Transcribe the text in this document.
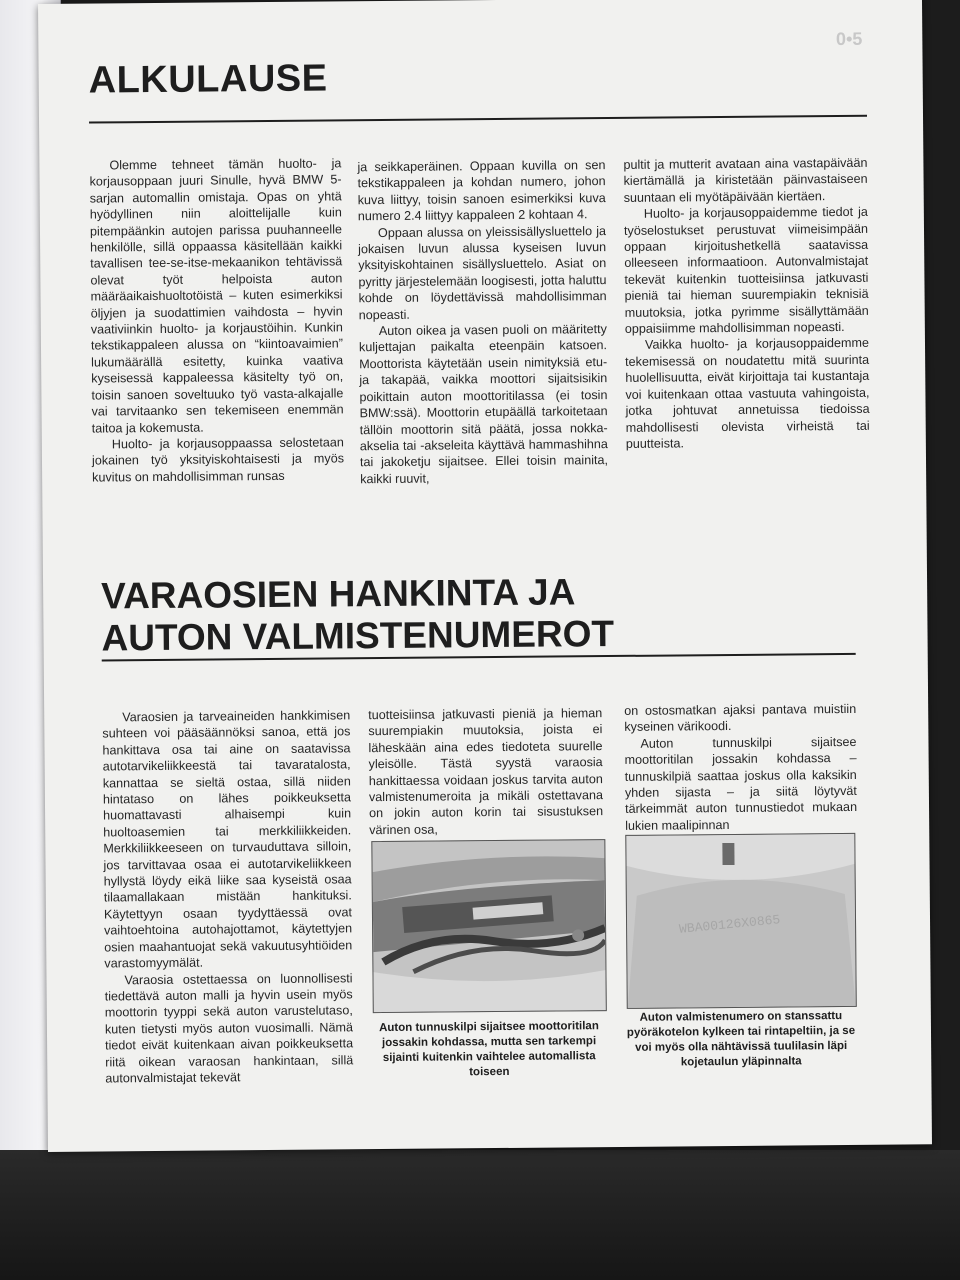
0•5
ALKULAUSE

Olemme tehneet tämän huolto- ja korjausoppaan juuri Sinulle, hyvä BMW 5-sarjan automallin omistaja. Opas on yhtä hyödyllinen niin aloittelijalle kuin pitempäänkin autojen parissa puuhanneelle henkilölle, sillä oppaassa käsitellään kaikki tavallisen tee-se-itse-mekaanikon tehtävissä olevat työt helpoista auton määräaikaishuoltotöistä – kuten esimerkiksi öljyjen ja suodattimien vaihdosta – hyvin vaativiinkin huolto- ja korjaustöihin. Kunkin tekstikappaleen alussa on “kiintoavaimien” lukumäärällä esitetty, kuinka vaativa kyseisessä kappaleessa käsitelty työ on, toisin sanoen soveltuuko työ vasta-alkajalle vai tarvitaanko sen tekemiseen enemmän taitoa ja kokemusta.

Huolto- ja korjausoppaassa selostetaan jokainen työ yksityiskohtaisesti ja myös kuvitus on mahdollisimman runsas

ja seikkaperäinen. Oppaan kuvilla on sen tekstikappaleen ja kohdan numero, johon kuva liittyy, toisin sanoen esimerkiksi kuva numero 2.4 liittyy kappaleen 2 kohtaan 4.

Oppaan alussa on yleissisällysluettelo ja jokaisen luvun alussa kyseisen luvun yksityiskohtainen sisällysluettelo. Asiat on pyritty järjestelemään loogisesti, jotta haluttu kohde on löydettävissä mahdollisimman nopeasti.

Auton oikea ja vasen puoli on määritetty kuljettajan paikalta eteenpäin katsoen. Moottorista käytetään usein nimityksiä etu- ja takapää, vaikka moottori sijaitsisikin poikittain auton moottoritilassa (ei tosin BMW:ssä). Moottorin etupäällä tarkoitetaan tällöin moottorin sitä päätä, jossa nokka-akselia tai -akseleita käyttävä hammashihna tai jakoketju sijaitsee. Ellei toisin mainita, kaikki ruuvit,

pultit ja mutterit avataan aina vastapäivään kiertämällä ja kiristetään päinvastaiseen suuntaan eli myötäpäivään kiertäen.

Huolto- ja korjausoppaidemme tiedot ja työselostukset perustuvat viimeisimpään oppaan kirjoitushetkellä saatavissa olleeseen informaatioon. Autonvalmistajat tekevät kuitenkin tuotteisiinsa jatkuvasti pieniä tai hieman suurempiakin teknisiä muutoksia, jotka pyrimme sisällyttämään oppaisiimme mahdollisimman nopeasti.

Vaikka huolto- ja korjausoppaidemme tekemisessä on noudatettu mitä suurinta huolellisuutta, eivät kirjoittaja tai kustantaja voi kuitenkaan ottaa vastuuta vahingoista, jotka johtuvat annetuissa tiedoissa mahdollisesti olevista virheistä tai puutteista.

VARAOSIEN HANKINTA JA
AUTON VALMISTENUMEROT

Varaosien ja tarveaineiden hankkimisen suhteen voi pääsäännöksi sanoa, että jos hankittava osa tai aine on saatavissa autotarvikeliikkeestä tai tavaratalosta, kannattaa se sieltä ostaa, sillä niiden hintataso on lähes poikkeuksetta huomattavasti alhaisempi kuin huoltoasemien tai merkkiliikkeiden. Merkkiliikkeeseen on turvauduttava silloin, jos tarvittavaa osaa ei autotarvikeliikkeen hyllystä löydy eikä liike saa kyseistä osaa tilaamallakaan mistään hankituksi. Käytettyyn osaan tyydyttäessä ovat vaihtoehtoina autohajottamot, käytettyjen osien maahantuojat sekä vakuutusyhtiöiden varastomyymälät.

Varaosia ostettaessa on luonnollisesti tiedettävä auton malli ja hyvin usein myös moottorin tyyppi sekä auton varustelutaso, kuten tietysti myös auton vuosimalli. Nämä tiedot eivät kuitenkaan aivan poikkeuksetta riitä oikean varaosan hankintaan, sillä autonvalmistajat tekevät

tuotteisiinsa jatkuvasti pieniä ja hieman suurempiakin muutoksia, joista ei läheskään aina edes tiedoteta suurelle yleisölle. Tästä syystä varaosia hankittaessa voidaan joskus tarvita auton valmistenumeroita ja mikäli ostettavana on jokin auton korin tai sisustuksen värinen osa,

on ostosmatkan ajaksi pantava muistiin kyseinen värikoodi.

Auton tunnuskilpi sijaitsee moottoritilan jossakin kohdassa – tunnuskilpiä saattaa joskus olla kaksikin yhden sijasta – ja siitä löytyvät tärkeimmät auton tunnustiedot mukaan lukien maalipinnan

WBA00126X0865
Auton tunnuskilpi sijaitsee moottoritilan jossakin kohdassa, mutta sen tarkempi sijainti kuitenkin vaihtelee automallista toiseen
Auton valmistenumero on stanssattu pyöräkotelon kylkeen tai rintapeltiin, ja se voi myös olla nähtävissä tuulilasin läpi kojetaulun yläpinnalta
